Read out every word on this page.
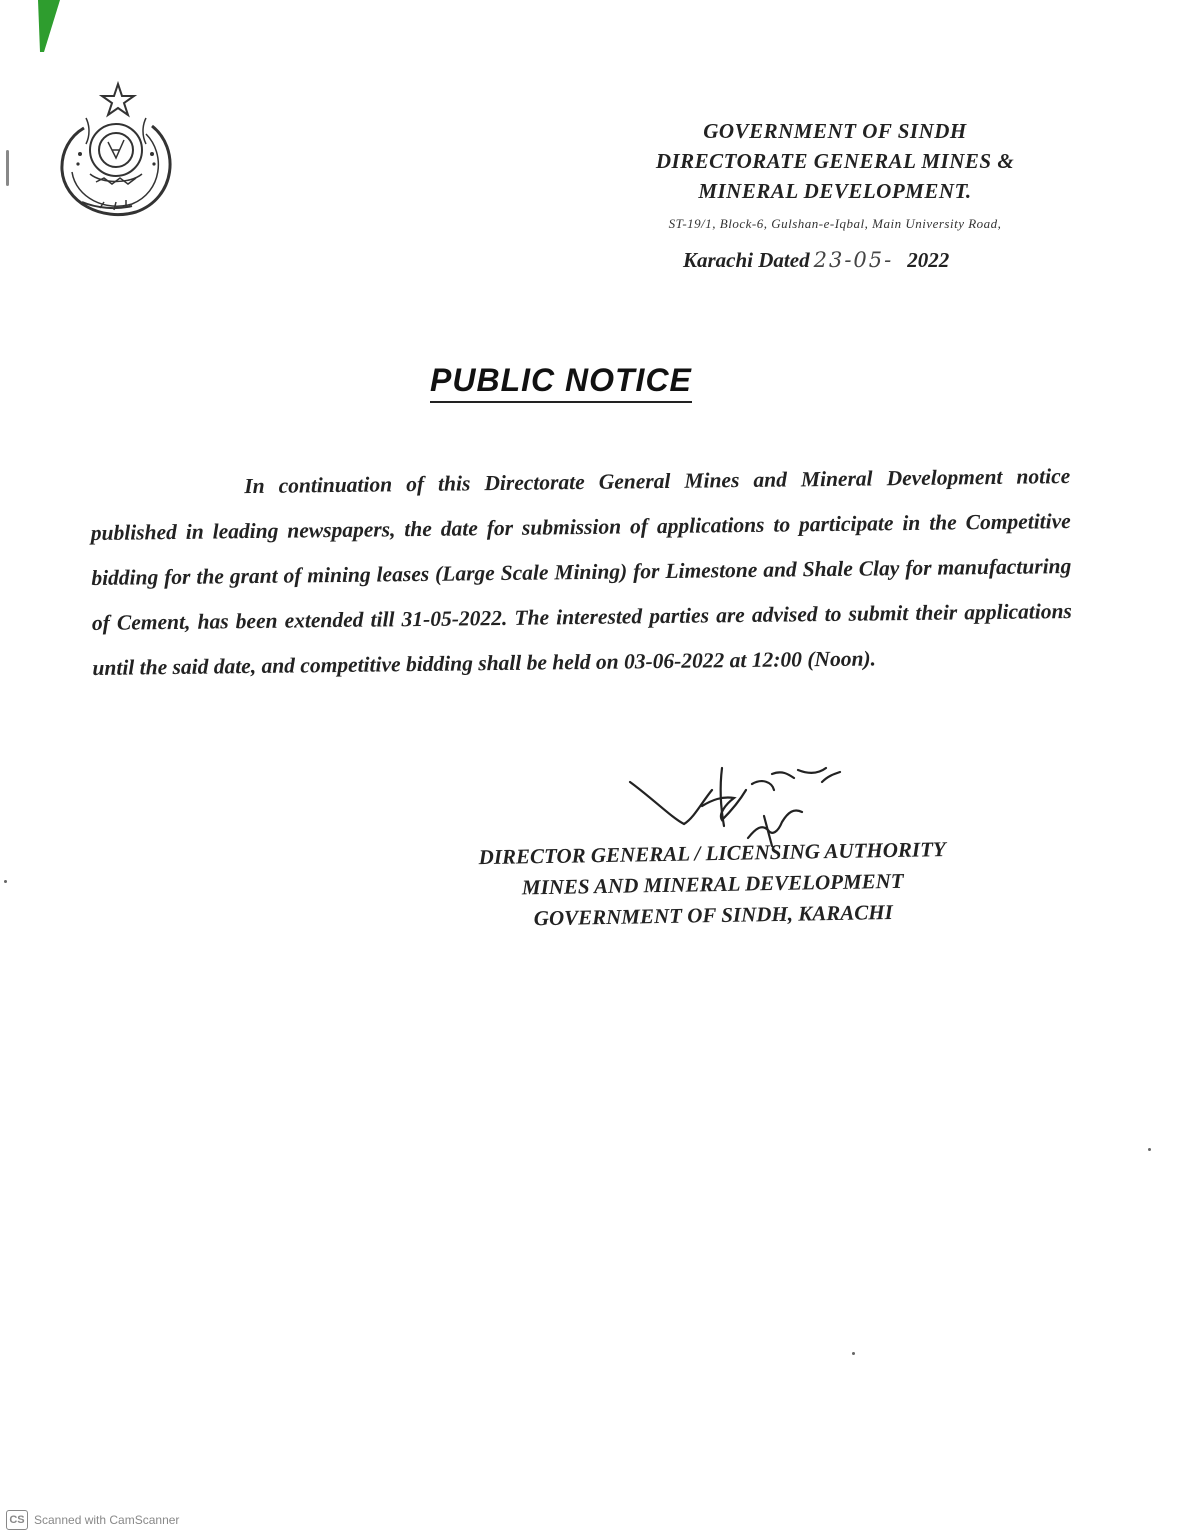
GOVERNMENT OF SINDH
DIRECTORATE GENERAL MINES &
MINERAL DEVELOPMENT.
ST-19/1, Block-6, Gulshan-e-Iqbal, Main University Road,
Karachi Dated 23-05- 2022
PUBLIC NOTICE
In continuation of this Directorate General Mines and Mineral Development notice published in leading newspapers, the date for submission of applications to participate in the Competitive bidding for the grant of mining leases (Large Scale Mining) for Limestone and Shale Clay for manufacturing of Cement, has been extended till 31-05-2022. The interested parties are advised to submit their applications until the said date, and competitive bidding shall be held on 03-06-2022 at 12:00 (Noon).
DIRECTOR GENERAL / LICENSING AUTHORITY
MINES AND MINERAL DEVELOPMENT
GOVERNMENT OF SINDH, KARACHI
CS Scanned with CamScanner
